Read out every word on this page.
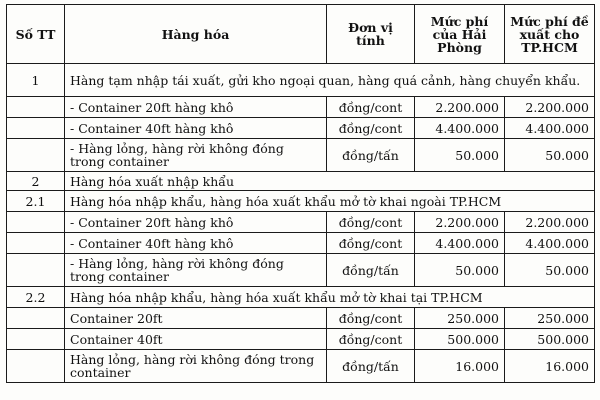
Số TT	Hàng hóa	Đơn vị tính	Mức phí của Hải Phòng	Mức phí đề xuất cho TP.HCM
1	Hàng tạm nhập tái xuất, gửi kho ngoại quan, hàng quá cảnh, hàng chuyển khẩu.			
	- Container 20ft hàng khô	đồng/cont	2.200.000	2.200.000
	- Container 40ft hàng khô	đồng/cont	4.400.000	4.400.000
	- Hàng lỏng, hàng rời không đóng trong container	đồng/tấn	50.000	50.000
2	Hàng hóa xuất nhập khẩu			
2.1	Hàng hóa nhập khẩu, hàng hóa xuất khẩu mở tờ khai ngoài TP.HCM			
	- Container 20ft hàng khô	đồng/cont	2.200.000	2.200.000
	- Container 40ft hàng khô	đồng/cont	4.400.000	4.400.000
	- Hàng lỏng, hàng rời không đóng trong container	đồng/tấn	50.000	50.000
2.2	Hàng hóa nhập khẩu, hàng hóa xuất khẩu mở tờ khai tại TP.HCM			
	Container 20ft	đồng/cont	250.000	250.000
	Container 40ft	đồng/cont	500.000	500.000
	Hàng lỏng, hàng rời không đóng trong container	đồng/tấn	16.000	16.000
